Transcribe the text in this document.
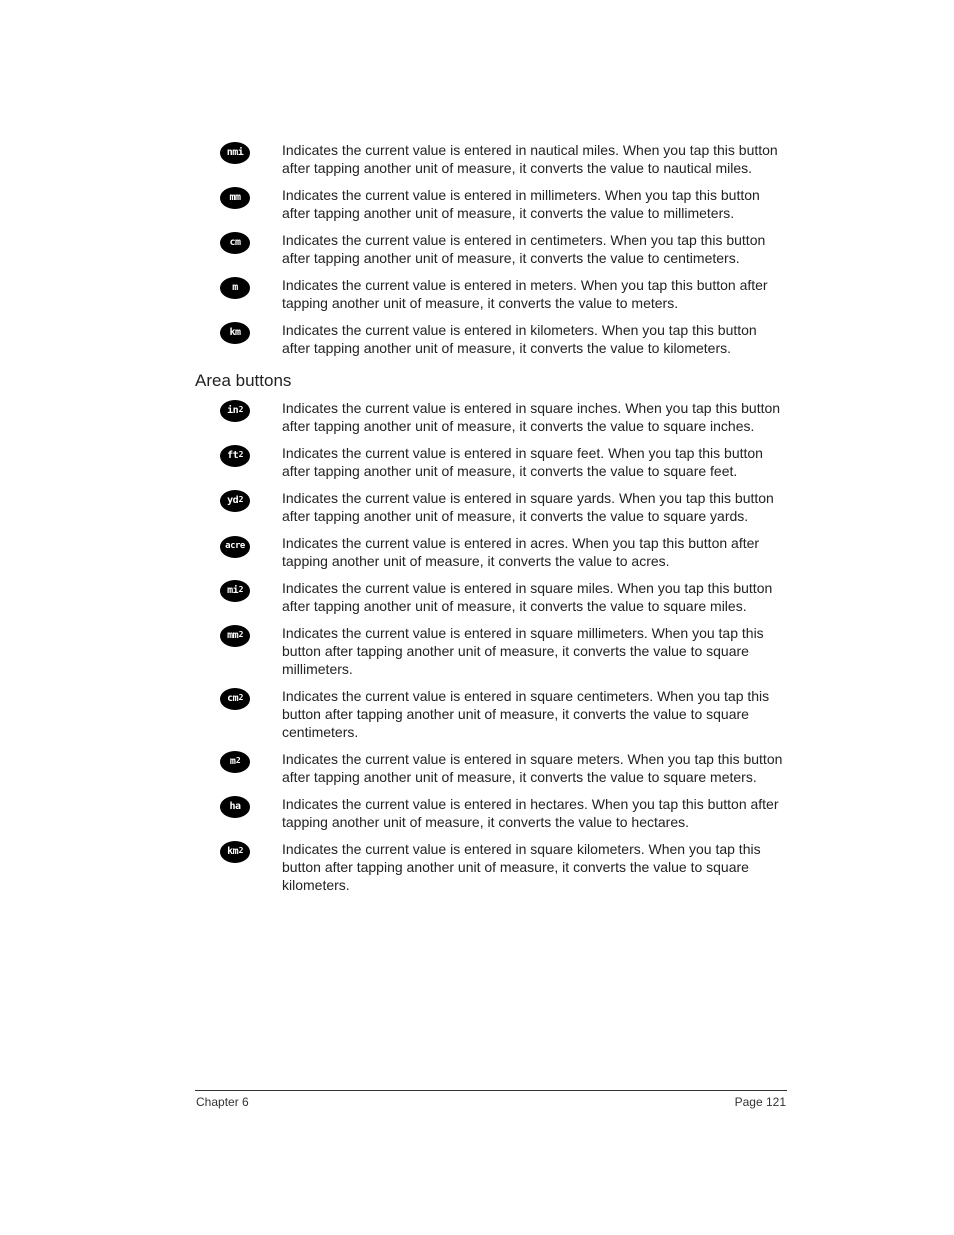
nmi	Indicates the current value is entered in nautical miles. When you tap this button after tapping another unit of measure, it converts the value to nautical miles.
mm	Indicates the current value is entered in millimeters. When you tap this button after tapping another unit of measure, it converts the value to millimeters.
cm	Indicates the current value is entered in centimeters. When you tap this button after tapping another unit of measure, it converts the value to centimeters.
m	Indicates the current value is entered in meters. When you tap this button after tapping another unit of measure, it converts the value to meters.
km	Indicates the current value is entered in kilometers. When you tap this button after tapping another unit of measure, it converts the value to kilometers.
Area buttons
$in^2$	Indicates the current value is entered in square inches. When you tap this button after tapping another unit of measure, it converts the value to square inches.
$ft^2$	Indicates the current value is entered in square feet. When you tap this button after tapping another unit of measure, it converts the value to square feet.
$yd^2$	Indicates the current value is entered in square yards. When you tap this button after tapping another unit of measure, it converts the value to square yards.
acre	Indicates the current value is entered in acres. When you tap this button after tapping another unit of measure, it converts the value to acres.
$mi^2$	Indicates the current value is entered in square miles. When you tap this button after tapping another unit of measure, it converts the value to square miles.
$mm^2$	Indicates the current value is entered in square millimeters. When you tap this button after tapping another unit of measure, it converts the value to square millimeters.
$cm^2$	Indicates the current value is entered in square centimeters. When you tap this button after tapping another unit of measure, it converts the value to square centimeters.
$m^2$	Indicates the current value is entered in square meters. When you tap this button after tapping another unit of measure, it converts the value to square meters.
ha	Indicates the current value is entered in hectares. When you tap this button after tapping another unit of measure, it converts the value to hectares.
$km^2$	Indicates the current value is entered in square kilometers. When you tap this button after tapping another unit of measure, it converts the value to square kilometers.
Chapter 6	Page 121
